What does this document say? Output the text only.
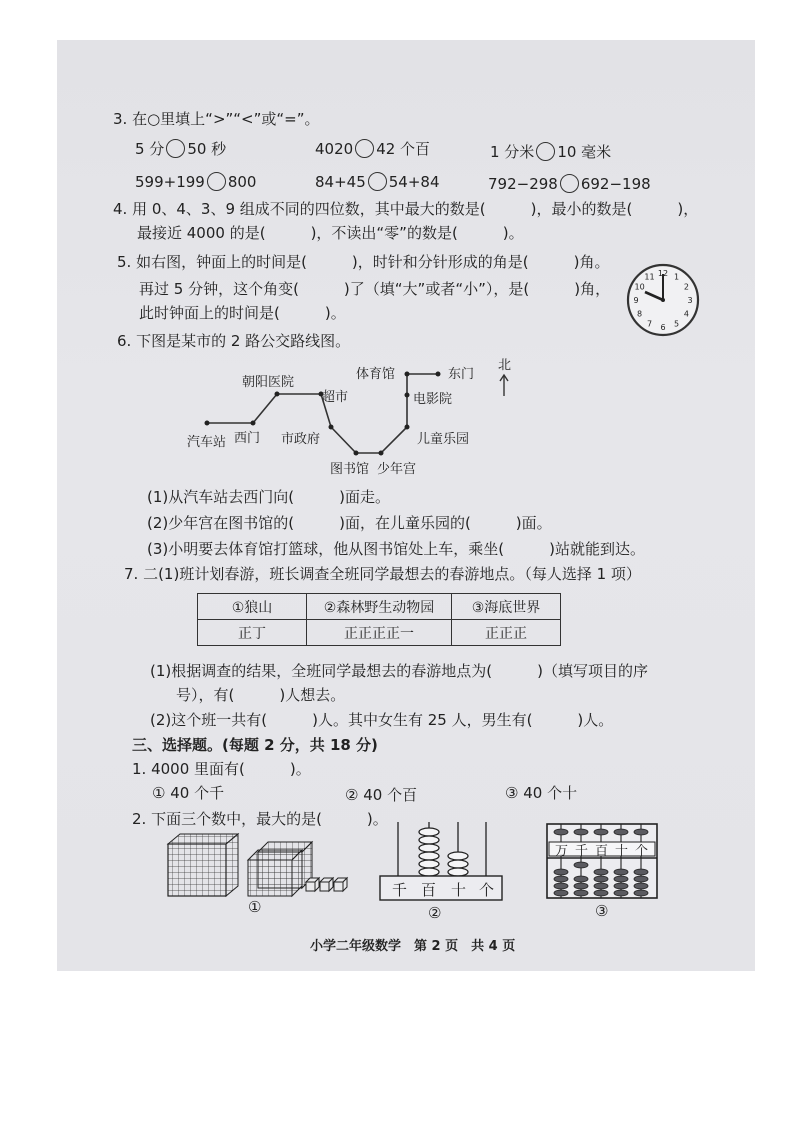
3. 在○里填上“>”“<”或“=”。
5 分 50 秒	4020 42 个百	1 分米 10 毫米
599+199 800	84+45 54+84	792−298 692−198
4. 用 0、4、3、9 组成不同的四位数，其中最大的数是(　　　)，最小的数是(　　　)，
最接近 4000 的是(　　　)，不读出“零”的数是(　　　)。
5. 如右图，钟面上的时间是(　　　)，时针和分针形成的角是(　　　)角。
再过 5 分钟，这个角变(　　　)了（填“大”或者“小”），是(　　　)角，
此时钟面上的时间是(　　　)。
12 1
2
3
4
5
6
7
8
9
10
11
6. 下图是某市的 2 路公交路线图。
北
汽车站 西门
朝阳医院
超市
市政府
图书馆 少年宫
儿童乐园
电影院
体育馆	东门
(1)从汽车站去西门向(　　　)面走。
(2)少年宫在图书馆的(　　　)面，在儿童乐园的(　　　)面。
(3)小明要去体育馆打篮球，他从图书馆处上车，乘坐(　　　)站就能到达。
7. 二(1)班计划春游，班长调查全班同学最想去的春游地点。（每人选择 1 项）
①狼山	②森林野生动物园	③海底世界
正丁	正正正正一	正正正
(1)根据调查的结果，全班同学最想去的春游地点为(　　　)（填写项目的序
号），有(　　　)人想去。
(2)这个班一共有(　　　)人。其中女生有 25 人，男生有(　　　)人。
三、选择题。(每题 2 分，共 18 分)
1. 4000 里面有(　　　)。
① 40 个千	② 40 个百	③ 40 个十
2. 下面三个数中，最大的是(　　　)。
①
千 百 十 个
②
万 千 百 十 个
③
小学二年级数学　第 2 页　共 4 页
